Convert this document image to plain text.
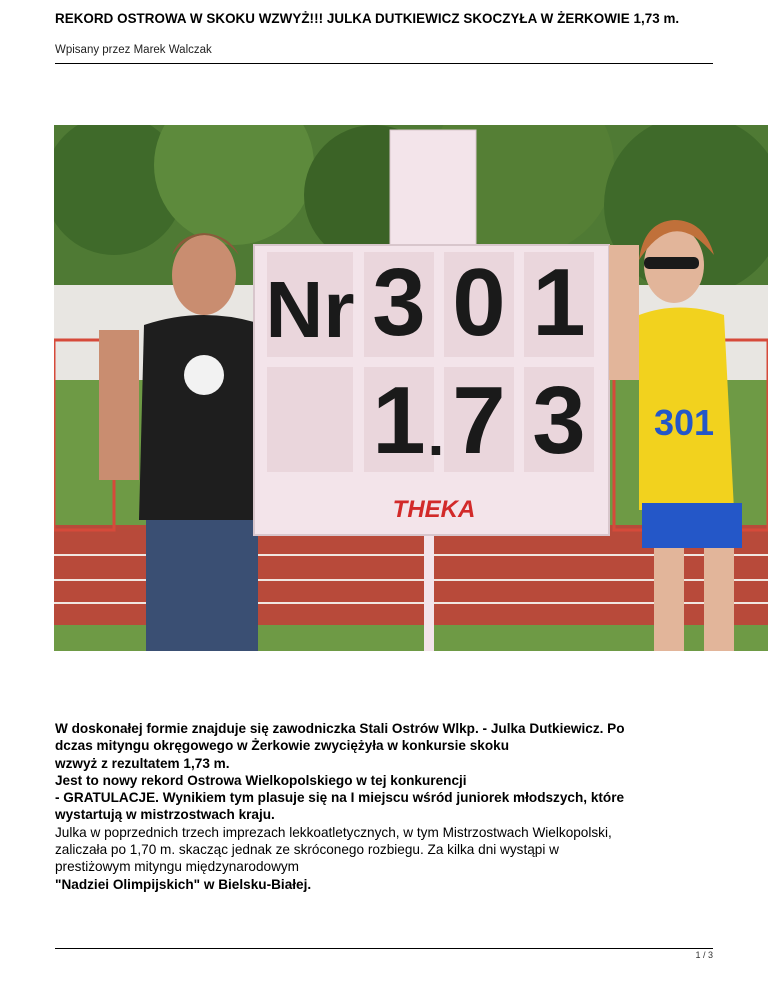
REKORD OSTROWA W SKOKU WZWYŻ!!! JULKA DUTKIEWICZ SKOCZYŁA W ŻERKOWIE 1,73 m.
Wpisany przez Marek Walczak
Nr 3 0 1
1 . 7 3
THEKA
301

W doskonałej formie znajduje się zawodniczka Stali Ostrów Wlkp. - Julka Dutkiewicz. Po

dczas mityngu okręgowego w Żerkowie zwyciężyła w konkursie skoku

wzwyż z rezultatem 1,73 m.

Jest to nowy rekord Ostrowa Wielkopolskiego w tej konkurencji

- GRATULACJE. Wynikiem tym plasuje się na I miejscu wśród juniorek młodszych, które

wystartują w mistrzostwach kraju.

Julka w poprzednich trzech imprezach lekkoatletycznych, w tym Mistrzostwach Wielkopolski,

zaliczała po 1,70 m. skacząc jednak ze skróconego rozbiegu. Za kilka dni wystąpi w

prestiżowym mityngu międzynarodowym

"Nadziei Olimpijskich" w Bielsku-Białej.

1 / 3
